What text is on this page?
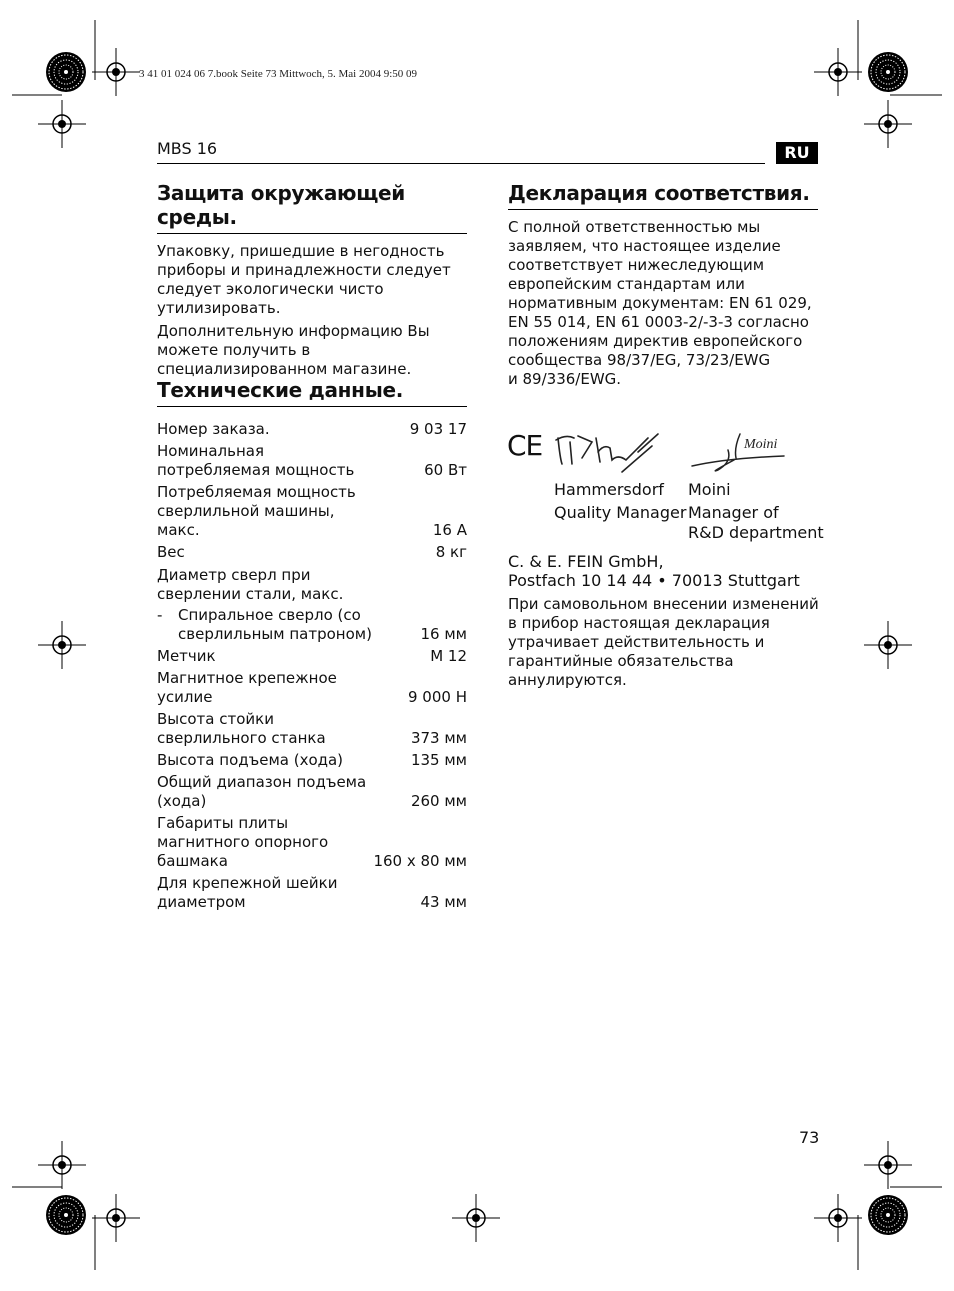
3 41 01 024 06 7.book Seite 73 Mittwoch, 5. Mai 2004 9:50 09
MBS 16	RU
Защита окружающей среды.

Упаковку, пришедшие в негодность
приборы и принадлежности следует
следует экологически чисто
утилизировать.

Дополнительную информацию Вы
можете получить в
специализированном магазине.

Технические данные.
Номер заказа.	9 03 17
Номинальная
потребляемая мощность	60 Вт
Потребляемая мощность
сверлильной машины,
макс.	16 А
Вес	8 кг
Диаметр сверл при
сверлении стали, макс.
-	Спиральное сверло (со
сверлильным патроном)	16 мм
Метчик	М 12
Магнитное крепежное
усилие	9 000 Н
Высота стойки
сверлильного станка	373 мм
Высота подъема (хода)	135 мм
Общий диапазон подъема
(хода)	260 мм
Габариты плиты
магнитного опорного
башмака	160 x 80 мм
Для крепежной шейки
диаметром	43 мм
Декларация соответствия.

С полной ответственностью мы
заявляем, что настоящее изделие
соответствует нижеследующим
европейским стандартам или
нормативным документам: EN 61 029,
EN 55 014, EN 61 0003-2/-3-3 согласно
положениям директив европейского
сообщества 98/37/EG, 73/23/EWG
и 89/336/EWG.

CE	Moini
Hammersdorf
Quality Manager
Moini
Manager of
R&D department
C. & E. FEIN GmbH,
Postfach 10 14 44 • 70013 Stuttgart

При самовольном внесении изменений
в прибор настоящая декларация
утрачивает действительность и
гарантийные обязательства
аннулируются.

73
